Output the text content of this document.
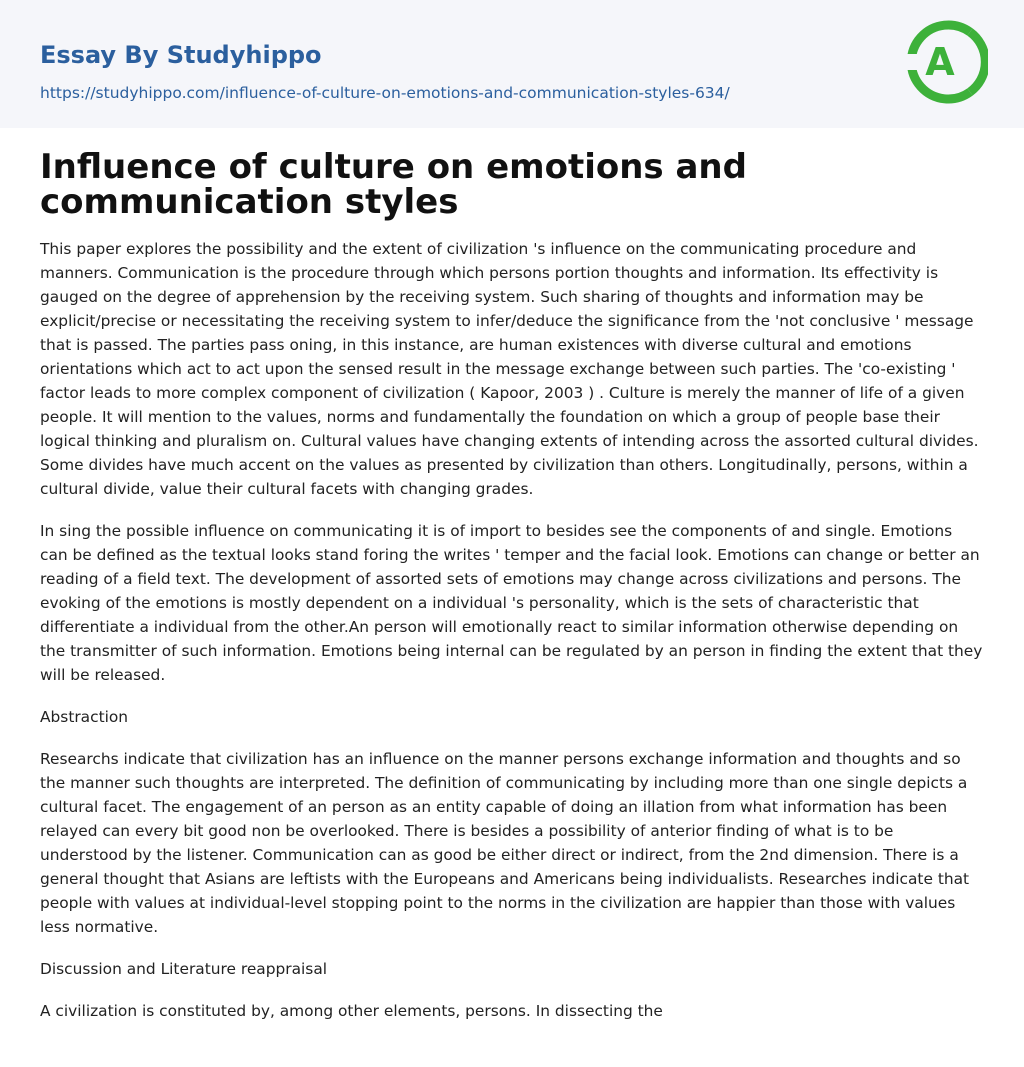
Essay By Studyhippo
https://studyhippo.com/influence-of-culture-on-emotions-and-communication-styles-634/
A
Influence of culture on emotions and communication styles

This paper explores the possibility and the extent of civilization 's influence on the communicating procedure and manners. Communication is the procedure through which persons portion thoughts and information. Its effectivity is gauged on the degree of apprehension by the receiving system. Such sharing of thoughts and information may be explicit/precise or necessitating the receiving system to infer/deduce the significance from the 'not conclusive ' message that is passed. The parties pass oning, in this instance, are human existences with diverse cultural and emotions orientations which act to act upon the sensed result in the message exchange between such parties. The 'co-existing ' factor leads to more complex component of civilization ( Kapoor, 2003 ) . Culture is merely the manner of life of a given people. It will mention to the values, norms and fundamentally the foundation on which a group of people base their logical thinking and pluralism on. Cultural values have changing extents of intending across the assorted cultural divides. Some divides have much accent on the values as presented by civilization than others. Longitudinally, persons, within a cultural divide, value their cultural facets with changing grades.

In sing the possible influence on communicating it is of import to besides see the components of and single. Emotions can be defined as the textual looks stand foring the writes ' temper and the facial look. Emotions can change or better an reading of a field text. The development of assorted sets of emotions may change across civilizations and persons. The evoking of the emotions is mostly dependent on a individual 's personality, which is the sets of characteristic that differentiate a individual from the other.An person will emotionally react to similar information otherwise depending on the transmitter of such information. Emotions being internal can be regulated by an person in finding the extent that they will be released.

Abstraction

Researchs indicate that civilization has an influence on the manner persons exchange information and thoughts and so the manner such thoughts are interpreted. The definition of communicating by including more than one single depicts a cultural facet. The engagement of an person as an entity capable of doing an illation from what information has been relayed can every bit good non be overlooked. There is besides a possibility of anterior finding of what is to be understood by the listener. Communication can as good be either direct or indirect, from the 2nd dimension. There is a general thought that Asians are leftists with the Europeans and Americans being individualists. Researches indicate that people with values at individual-level stopping point to the norms in the civilization are happier than those with values less normative.

Discussion and Literature reappraisal

A civilization is constituted by, among other elements, persons. In dissecting the
